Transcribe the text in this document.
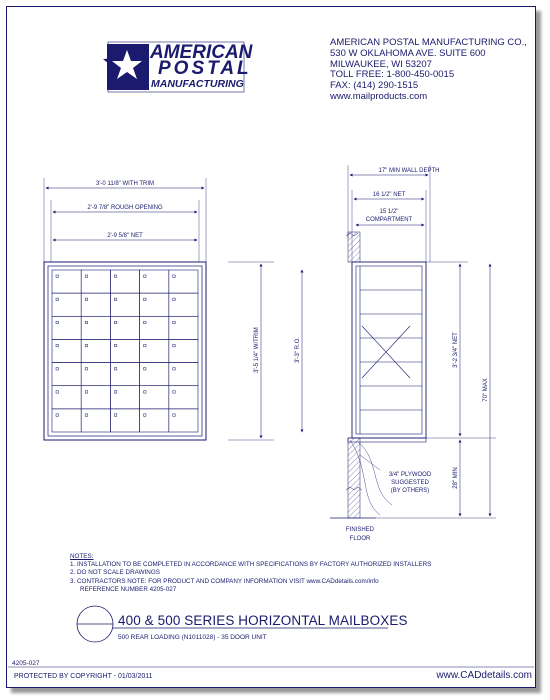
AMERICAN
POSTAL
MANUFACTURING
AMERICAN POSTAL MANUFACTURING CO.,
530 W OKLAHOMA AVE. SUITE 600
MILWAUKEE, WI 53207
TOLL FREE: 1-800-450-0015
FAX: (414) 290-1515
www.mailproducts.com
3'-0 11/8" WITH TRIM
2'-9 7/8" ROUGH OPENING
2'-9 5/8" NET
3'-5 1/4" W/TRIM	3'-3" R.O.
17" MIN WALL DEPTH
16 1/2" NET
15 1/2"
COMPARTMENT
3'-2 3/4" NET
70" MAX
28" MIN
3/4" PLYWOOD
SUGGESTED
(BY OTHERS)
FINISHED
FLOOR
NOTES:
1. INSTALLATION TO BE COMPLETED IN ACCORDANCE WITH SPECIFICATIONS BY FACTORY AUTHORIZED INSTALLERS
2. DO NOT SCALE DRAWINGS
3. CONTRACTORS NOTE: FOR PRODUCT AND COMPANY INFORMATION VISIT www.CADdetails.com/info
REFERENCE NUMBER 4205-027
400 & 500 SERIES HORIZONTAL MAILBOXES
500 REAR LOADING (N1011028) - 35 DOOR UNIT
4205-027
PROTECTED BY COPYRIGHT - 01/03/2011	www.CADdetails.com
